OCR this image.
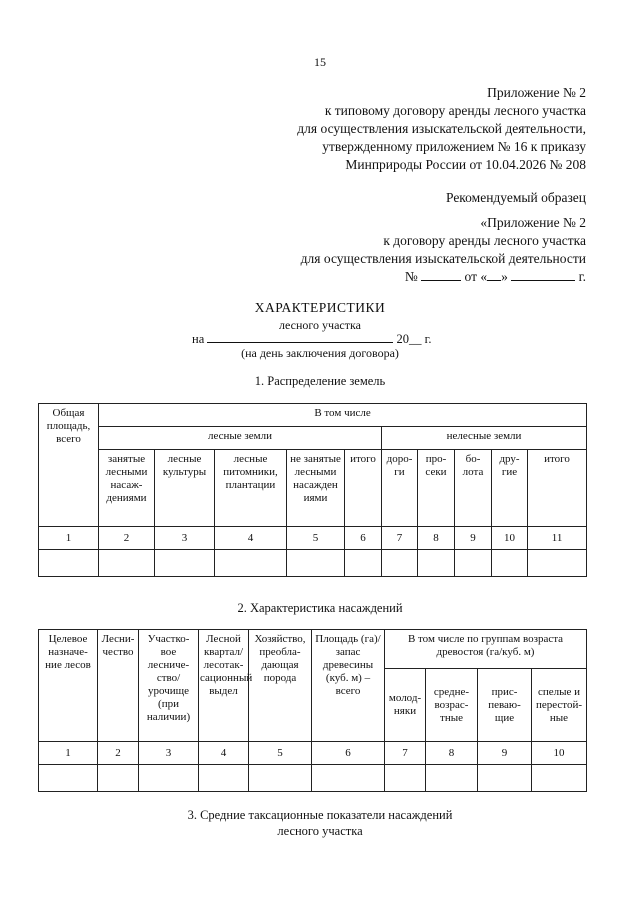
15
Приложение № 2
к типовому договору аренды лесного участка
для осуществления изыскательской деятельности,
утвержденному приложением № 16 к приказу
Минприроды России от 10.04.2026 № 208
Рекомендуемый образец
«Приложение № 2
к договору аренды лесного участка
для осуществления изыскательской деятельности
№	от « »	г.
ХАРАКТЕРИСТИКИ
лесного участка
на	20__ г.
(на день заключения договора)
1. Распределение земель
Общая площадь, всего	В том числе									
	лесные земли					нелесные земли				
	занятые лесными насаж-дениями	лесные культуры	лесные питомники, плантации	не занятые лесными насажден иями	итого	доро-ги	про-секи	бо-лота	дру-гие	итого
1	2	3	4	5	6	7	8	9	10	11

2. Характеристика насаждений
Целевое назначе-ние лесов	Лесни-чество	Участко-вое лесниче-ство/ урочище (при наличии)	Лесной квартал/ лесотак-сационный выдел	Хозяйство, преобла-дающая порода	Площадь (га)/запас древесины (куб. м) – всего	В том числе по группам возраста древостоя (га/куб. м)			
						молод-няки	средне-возрас-тные	прис-певаю-щие	спелые и перестой-ные
1	2	3	4	5	6	7	8	9	10

3. Средние таксационные показатели насаждений
лесного участка
